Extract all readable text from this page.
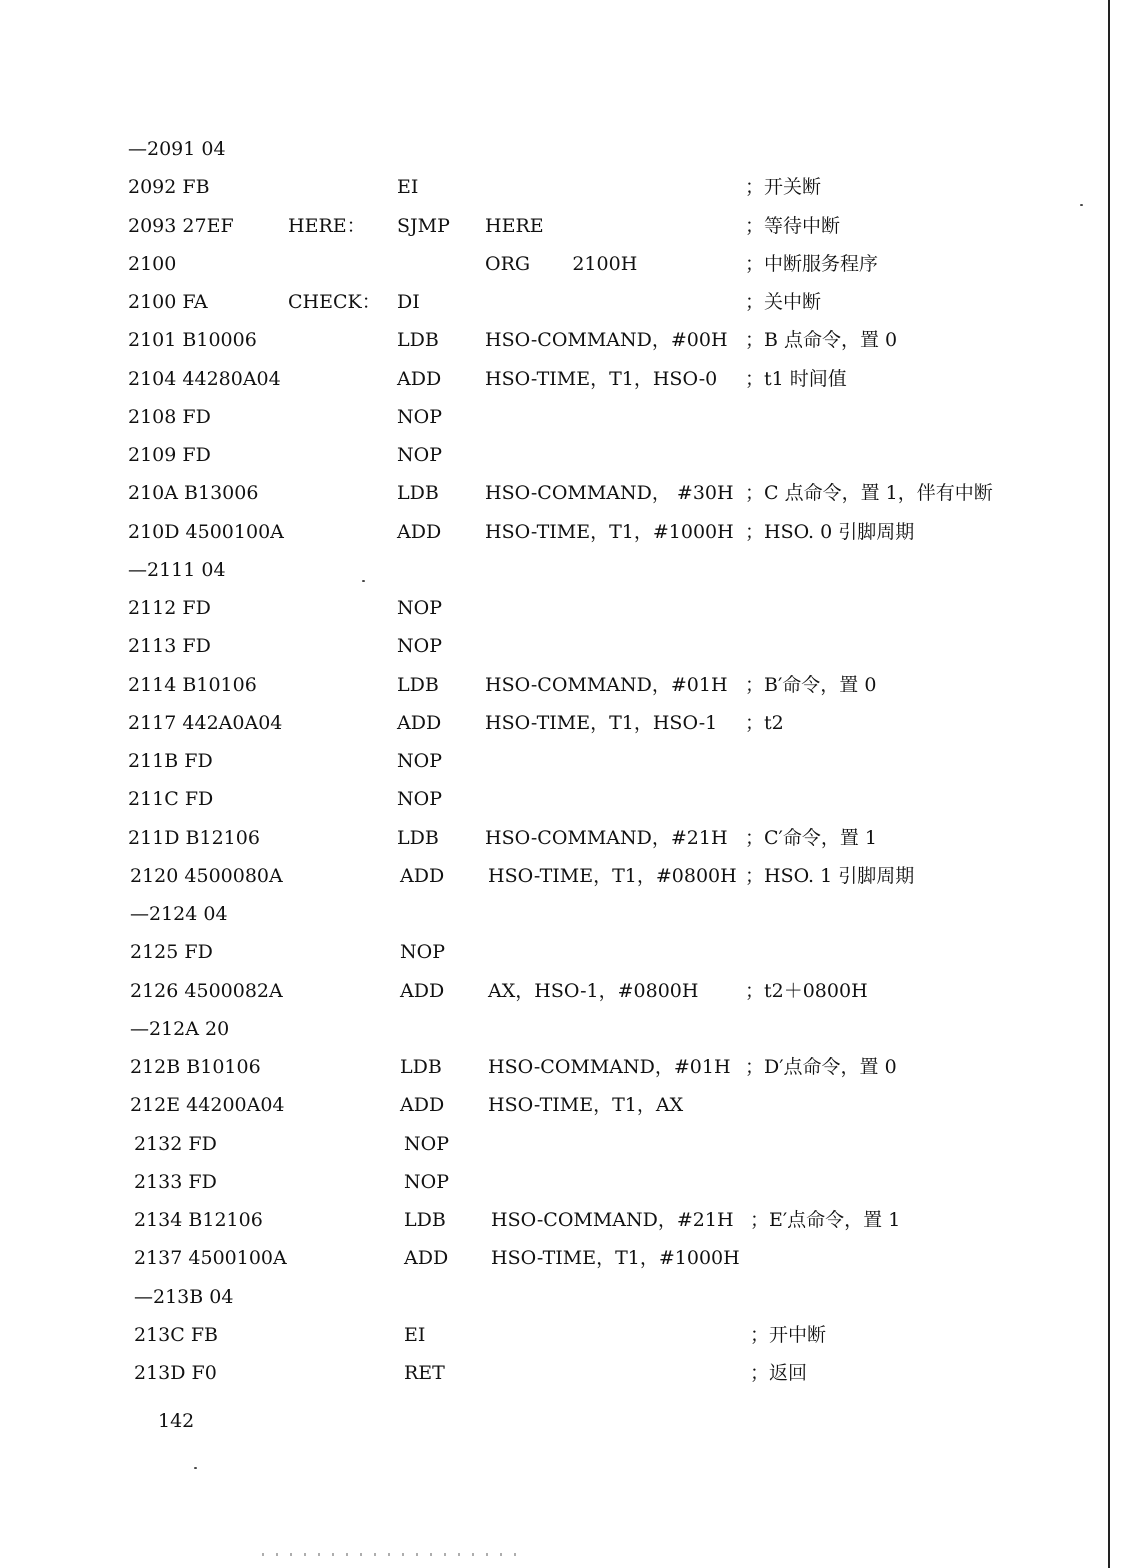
—2091 04
2092 FB	EI	；开关断
2093 27EF	HERE： SJMP HERE	；等待中断
2100	ORG       2100H	；中断服务程序
2100 FA	CHECK： DI	；关中断
2101 B10006	LDB HSO-COMMAND，#00H ；B 点命令，置 0
2104 44280A04	ADD HSO-TIME，T1，HSO-0 ；t1 时间值
2108 FD	NOP
2109 FD	NOP
210A B13006	LDB HSO-COMMAND， #30H ；C 点命令，置 1，伴有中断
210D 4500100A	ADD HSO-TIME，T1，#1000H ；HSO. 0 引脚周期
—2111 04
2112 FD	NOP
2113 FD	NOP
2114 B10106	LDB HSO-COMMAND，#01H ；B′命令，置 0
2117 442A0A04	ADD HSO-TIME，T1，HSO-1 ；t2
211B FD	NOP
211C FD	NOP
211D B12106	LDB HSO-COMMAND，#21H ；C′命令，置 1
2120 4500080A	ADD HSO-TIME，T1，#0800H ；HSO. 1 引脚周期
—2124 04
2125 FD	NOP
2126 4500082A	ADD AX，HSO-1，#0800H ；t2＋0800H
—212A 20
212B B10106	LDB HSO-COMMAND，#01H ；D′点命令，置 0
212E 44200A04	ADD HSO-TIME，T1，AX
2132 FD	NOP
2133 FD	NOP
2134 B12106	LDB HSO-COMMAND，#21H ；E′点命令，置 1
2137 4500100A	ADD HSO-TIME，T1，#1000H
—213B 04
213C FB	EI	；开中断
213D F0	RET	；返回
142
